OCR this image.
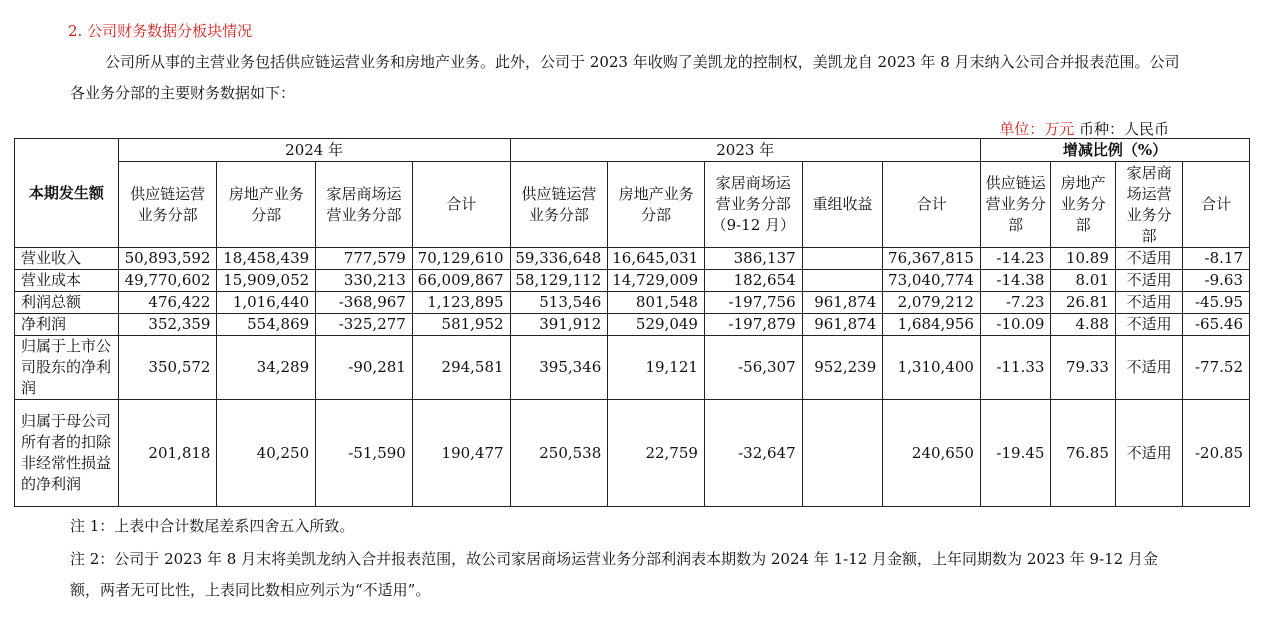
2. 公司财务数据分板块情况

公司所从事的主营业务包括供应链运营业务和房地产业务。此外，公司于 2023 年收购了美凯龙的控制权，美凯龙自 2023 年 8 月末纳入公司合并报表范围。公司各业务分部的主要财务数据如下：

单位：万元 币种：人民币
本期发生额	2024 年				2023 年					增减比例（%）			
	供应链运营业务分部	房地产业务分部	家居商场运营业务分部	合计	供应链运营业务分部	房地产业务分部	家居商场运营业务分部（9-12 月）	重组收益	合计	供应链运营业务分部	房地产业务分部	家居商场运营业务分部	合计
营业收入	50,893,592	18,458,439	777,579	70,129,610	59,336,648	16,645,031	386,137		76,367,815	-14.23	10.89	不适用	-8.17
营业成本	49,770,602	15,909,052	330,213	66,009,867	58,129,112	14,729,009	182,654		73,040,774	-14.38	8.01	不适用	-9.63
利润总额	476,422	1,016,440	-368,967	1,123,895	513,546	801,548	-197,756	961,874	2,079,212	-7.23	26.81	不适用	-45.95
净利润	352,359	554,869	-325,277	581,952	391,912	529,049	-197,879	961,874	1,684,956	-10.09	4.88	不适用	-65.46
归属于上市公司股东的净利润	350,572	34,289	-90,281	294,581	395,346	19,121	-56,307	952,239	1,310,400	-11.33	79.33	不适用	-77.52
归属于母公司所有者的扣除非经常性损益的净利润	201,818	40,250	-51,590	190,477	250,538	22,759	-32,647		240,650	-19.45	76.85	不适用	-20.85

注 1：上表中合计数尾差系四舍五入所致。

注 2：公司于 2023 年 8 月末将美凯龙纳入合并报表范围，故公司家居商场运营业务分部利润表本期数为 2024 年 1-12 月金额，上年同期数为 2023 年 9-12 月金额，两者无可比性，上表同比数相应列示为“不适用”。
